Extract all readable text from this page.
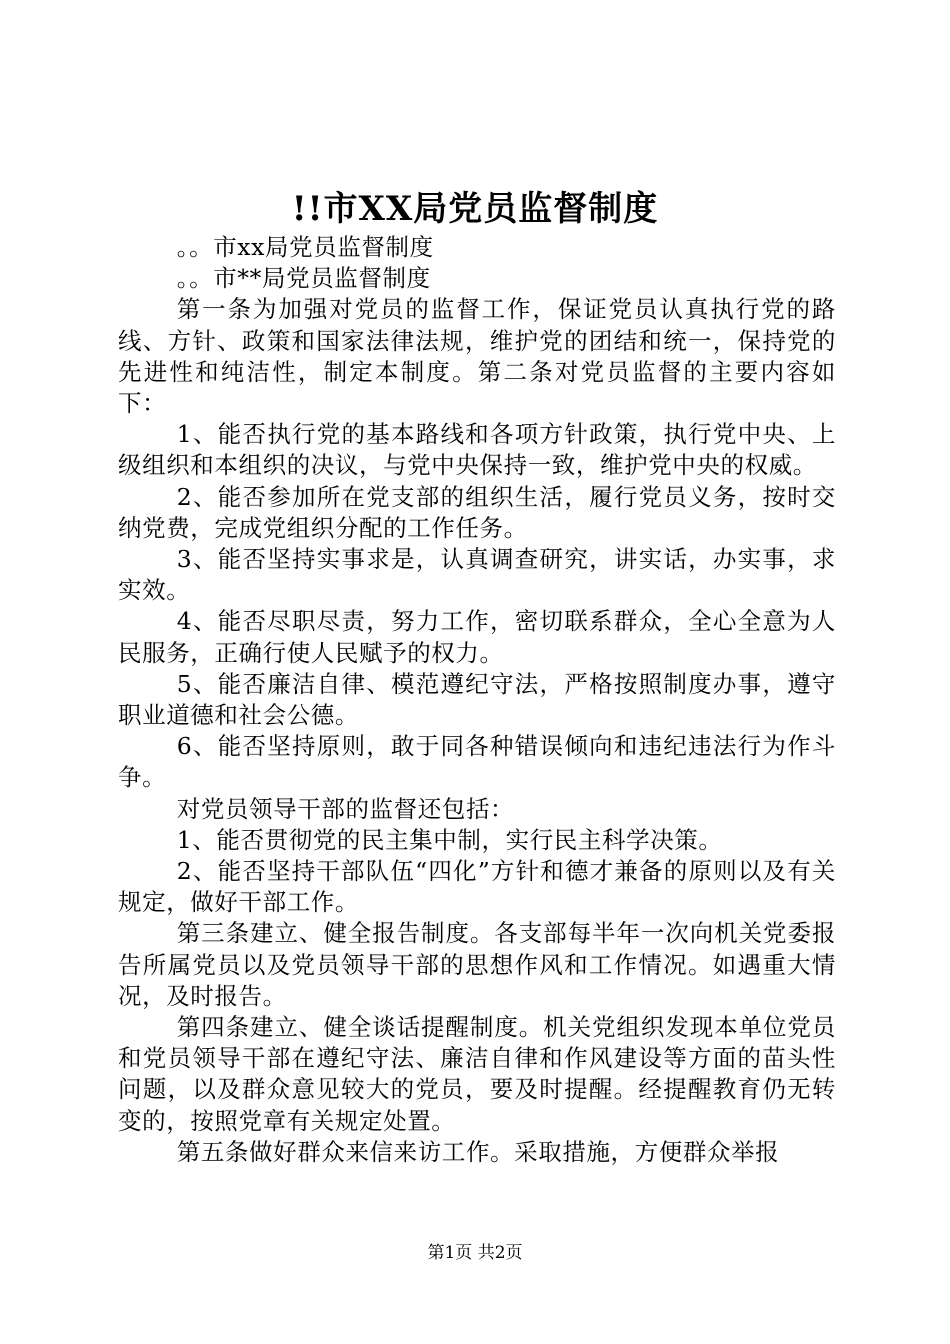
!!市XX局党员监督制度

。。市xx局党员监督制度

。。市**局党员监督制度

第一条为加强对党员的监督工作，保证党员认真执行党的路线、方针、政策和国家法律法规，维护党的团结和统一，保持党的先进性和纯洁性，制定本制度。第二条对党员监督的主要内容如下：

1、能否执行党的基本路线和各项方针政策，执行党中央、上级组织和本组织的决议，与党中央保持一致，维护党中央的权威。

2、能否参加所在党支部的组织生活，履行党员义务，按时交纳党费，完成党组织分配的工作任务。

3、能否坚持实事求是，认真调查研究，讲实话，办实事，求实效。

4、能否尽职尽责，努力工作，密切联系群众，全心全意为人民服务，正确行使人民赋予的权力。

5、能否廉洁自律、模范遵纪守法，严格按照制度办事，遵守职业道德和社会公德。

6、能否坚持原则，敢于同各种错误倾向和违纪违法行为作斗争。

对党员领导干部的监督还包括：

1、能否贯彻党的民主集中制，实行民主科学决策。

2、能否坚持干部队伍“四化”方针和德才兼备的原则以及有关规定，做好干部工作。

第三条建立、健全报告制度。各支部每半年一次向机关党委报告所属党员以及党员领导干部的思想作风和工作情况。如遇重大情况，及时报告。

第四条建立、健全谈话提醒制度。机关党组织发现本单位党员和党员领导干部在遵纪守法、廉洁自律和作风建设等方面的苗头性问题，以及群众意见较大的党员，要及时提醒。经提醒教育仍无转变的，按照党章有关规定处置。

第五条做好群众来信来访工作。采取措施，方便群众举报

第1页 共2页
